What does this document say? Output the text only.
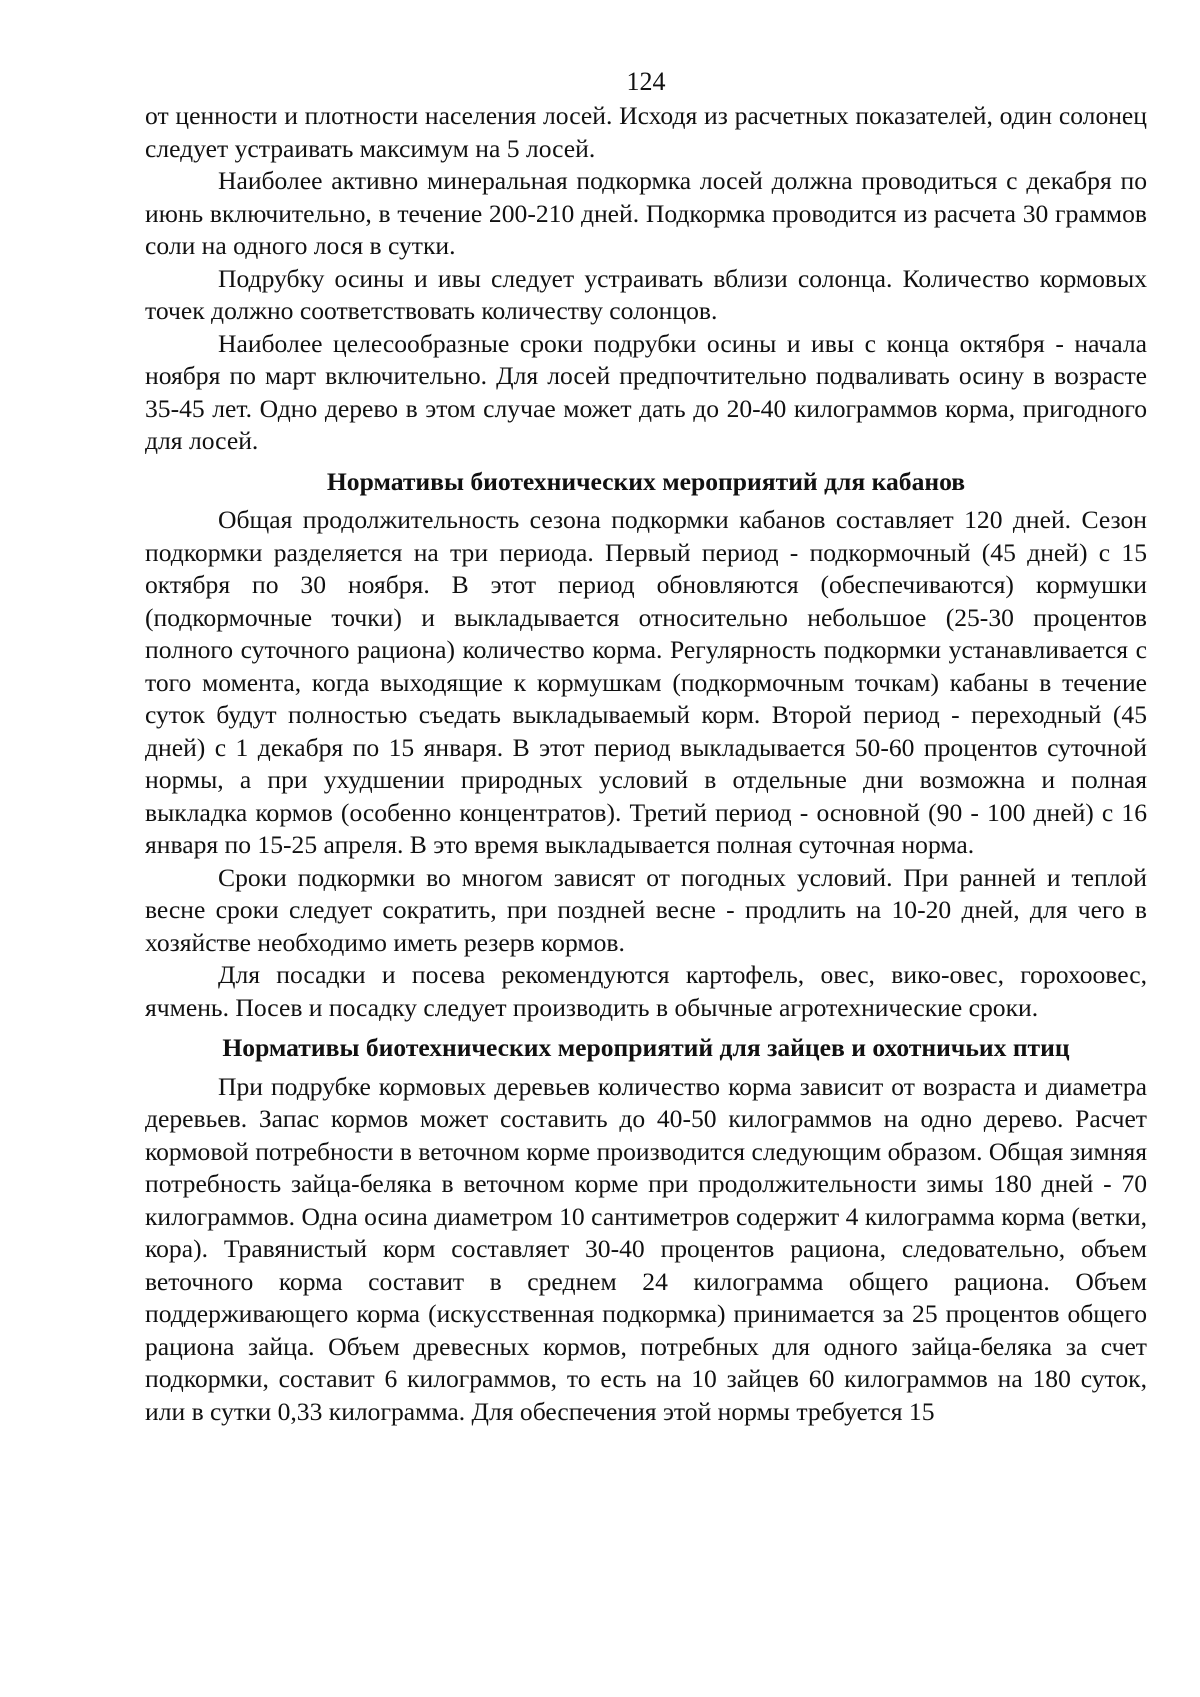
124

от ценности и плотности населения лосей. Исходя из расчетных показателей, один солонец следует устраивать максимум на 5 лосей.

Наиболее активно минеральная подкормка лосей должна проводиться с декабря по июнь включительно, в течение 200-210 дней. Подкормка проводится из расчета 30 граммов соли на одного лося в сутки.

Подрубку осины и ивы следует устраивать вблизи солонца. Количество кормовых точек должно соответствовать количеству солонцов.

Наиболее целесообразные сроки подрубки осины и ивы с конца октября - начала ноября по март включительно. Для лосей предпочтительно подваливать осину в возрасте 35-45 лет. Одно дерево в этом случае может дать до 20-40 килограммов корма, пригодного для лосей.

Нормативы биотехнических мероприятий для кабанов

Общая продолжительность сезона подкормки кабанов составляет 120 дней. Сезон подкормки разделяется на три периода. Первый период - подкормочный (45 дней) с 15 октября по 30 ноября. В этот период обновляются (обеспечиваются) кормушки (подкормочные точки) и выкладывается относительно небольшое (25-30 процентов полного суточного рациона) количество корма. Регулярность подкормки устанавливается с того момента, когда выходящие к кормушкам (подкормочным точкам) кабаны в течение суток будут полностью съедать выкладываемый корм. Второй период - переходный (45 дней) с 1 декабря по 15 января. В этот период выкладывается 50-60 процентов суточной нормы, а при ухудшении природных условий в отдельные дни возможна и полная выкладка кормов (особенно концентратов). Третий период - основной (90 - 100 дней) с 16 января по 15-25 апреля. В это время выкладывается полная суточная норма.

Сроки подкормки во многом зависят от погодных условий. При ранней и теплой весне сроки следует сократить, при поздней весне - продлить на 10-20 дней, для чего в хозяйстве необходимо иметь резерв кормов.

Для посадки и посева рекомендуются картофель, овес, вико-овес, горохоовес, ячмень. Посев и посадку следует производить в обычные агротехнические сроки.

Нормативы биотехнических мероприятий для зайцев и охотничьих птиц

При подрубке кормовых деревьев количество корма зависит от возраста и диаметра деревьев. Запас кормов может составить до 40-50 килограммов на одно дерево. Расчет кормовой потребности в веточном корме производится следующим образом. Общая зимняя потребность зайца-беляка в веточном корме при продолжительности зимы 180 дней - 70 килограммов. Одна осина диаметром 10 сантиметров содержит 4 килограмма корма (ветки, кора). Травянистый корм составляет 30-40 процентов рациона, следовательно, объем веточного корма составит в среднем 24 килограмма общего рациона. Объем поддерживающего корма (искусственная подкормка) принимается за 25 процентов общего рациона зайца. Объем древесных кормов, потребных для одного зайца-беляка за счет подкормки, составит 6 килограммов, то есть на 10 зайцев 60 килограммов на 180 суток, или в сутки 0,33 килограмма. Для обеспечения этой нормы требуется 15
